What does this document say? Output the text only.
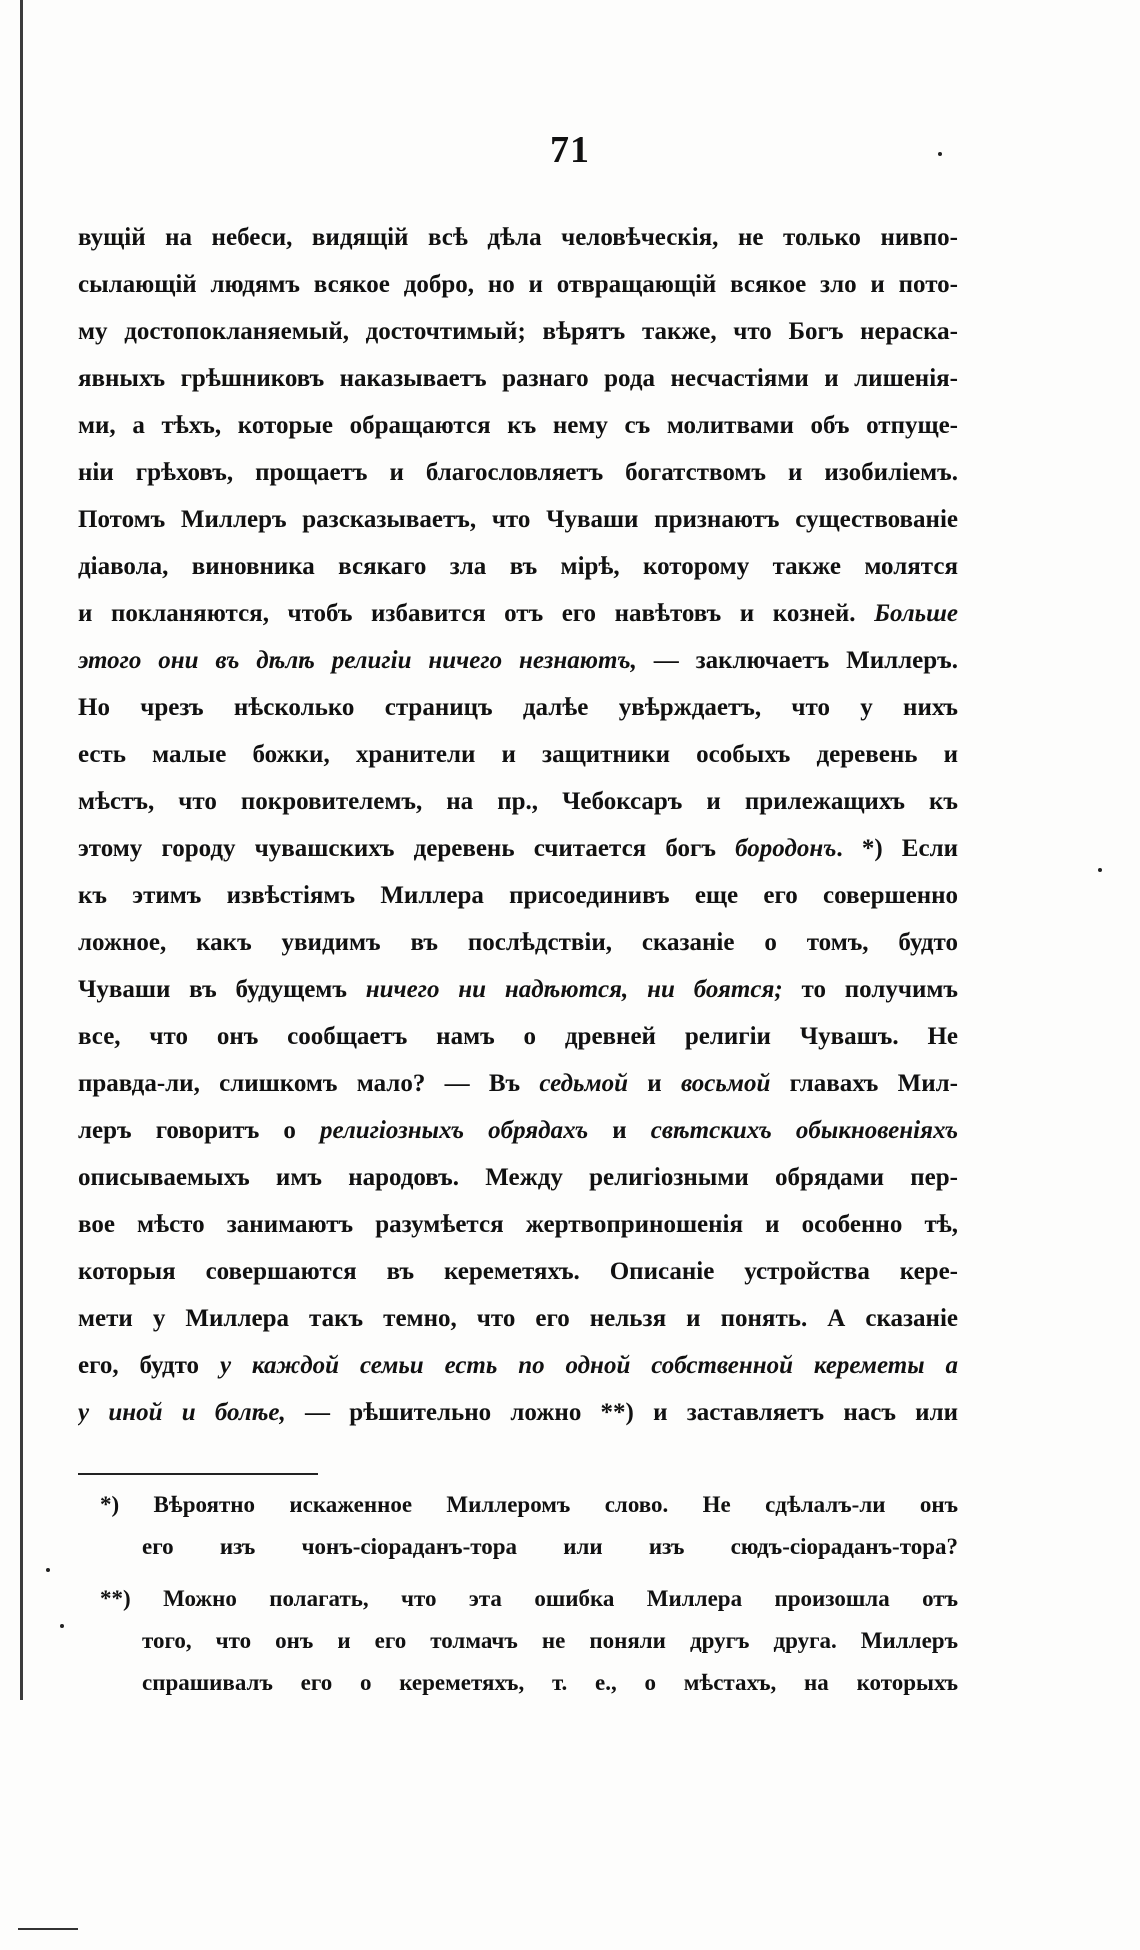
71
вущій на небеси, видящій всѣ дѣла человѣческія, не только нивпо-
сылающій людямъ всякое добро, но и отвращающій всякое зло и пото-
му достопокланяемый, досточтимый; вѣрятъ также, что Богъ нераска-
явныхъ грѣшниковъ наказываетъ разнаго рода несчастіями и лишенія-
ми, а тѣхъ, которые обращаются къ нему съ молитвами объ отпуще-
ніи грѣховъ, прощаетъ и благословляетъ богатствомъ и изобиліемъ.
Потомъ Миллеръ разсказываетъ, что Чуваши признаютъ существованіе
діавола, виновника всякаго зла въ мірѣ, которому также молятся
и покланяются, чтобъ избавится отъ его навѣтовъ и козней. Больше
этого они въ дѣлѣ религіи ничего незнаютъ, — заключаетъ Миллеръ.
Но чрезъ нѣсколько страницъ далѣе увѣрждаетъ, что у нихъ
есть малые божки, хранители и защитники особыхъ деревень и
мѣстъ, что покровителемъ, на пр., Чебоксаръ и прилежащихъ къ
этому городу чувашскихъ деревень считается богъ бородонъ. *) Если
къ этимъ извѣстіямъ Миллера присоединивъ еще его совершенно
ложное, какъ увидимъ въ послѣдствіи, сказаніе о томъ, будто
Чуваши въ будущемъ ничего ни надѣются, ни боятся; то получимъ
все, что онъ сообщаетъ намъ о древней религіи Чувашъ. Не
правда-ли, слишкомъ мало? — Въ седьмой и восьмой главахъ Мил-
леръ говоритъ о религіозныхъ обрядахъ и свѣтскихъ обыкновеніяхъ
описываемыхъ имъ народовъ. Между религіозными обрядами пер-
вое мѣсто занимаютъ разумѣется жертвоприношенія и особенно тѣ,
которыя совершаются въ кереметяхъ. Описаніе устройства кере-
мети у Миллера такъ темно, что его нельзя и понять. А сказаніе
его, будто у каждой семьи есть по одной собственной кереметы а
у иной и болѣе, — рѣшительно ложно **) и заставляетъ насъ или
*) Вѣроятно искаженное Миллеромъ слово. Не сдѣлалъ-ли онъ
его изъ чонъ-сіораданъ-тора или изъ сюдъ-сіораданъ-тора?
**) Можно полагать, что эта ошибка Миллера произошла отъ
того, что онъ и его толмачъ не поняли другъ друга. Миллеръ
спрашивалъ его о кереметяхъ, т. е., о мѣстахъ, на которыхъ
